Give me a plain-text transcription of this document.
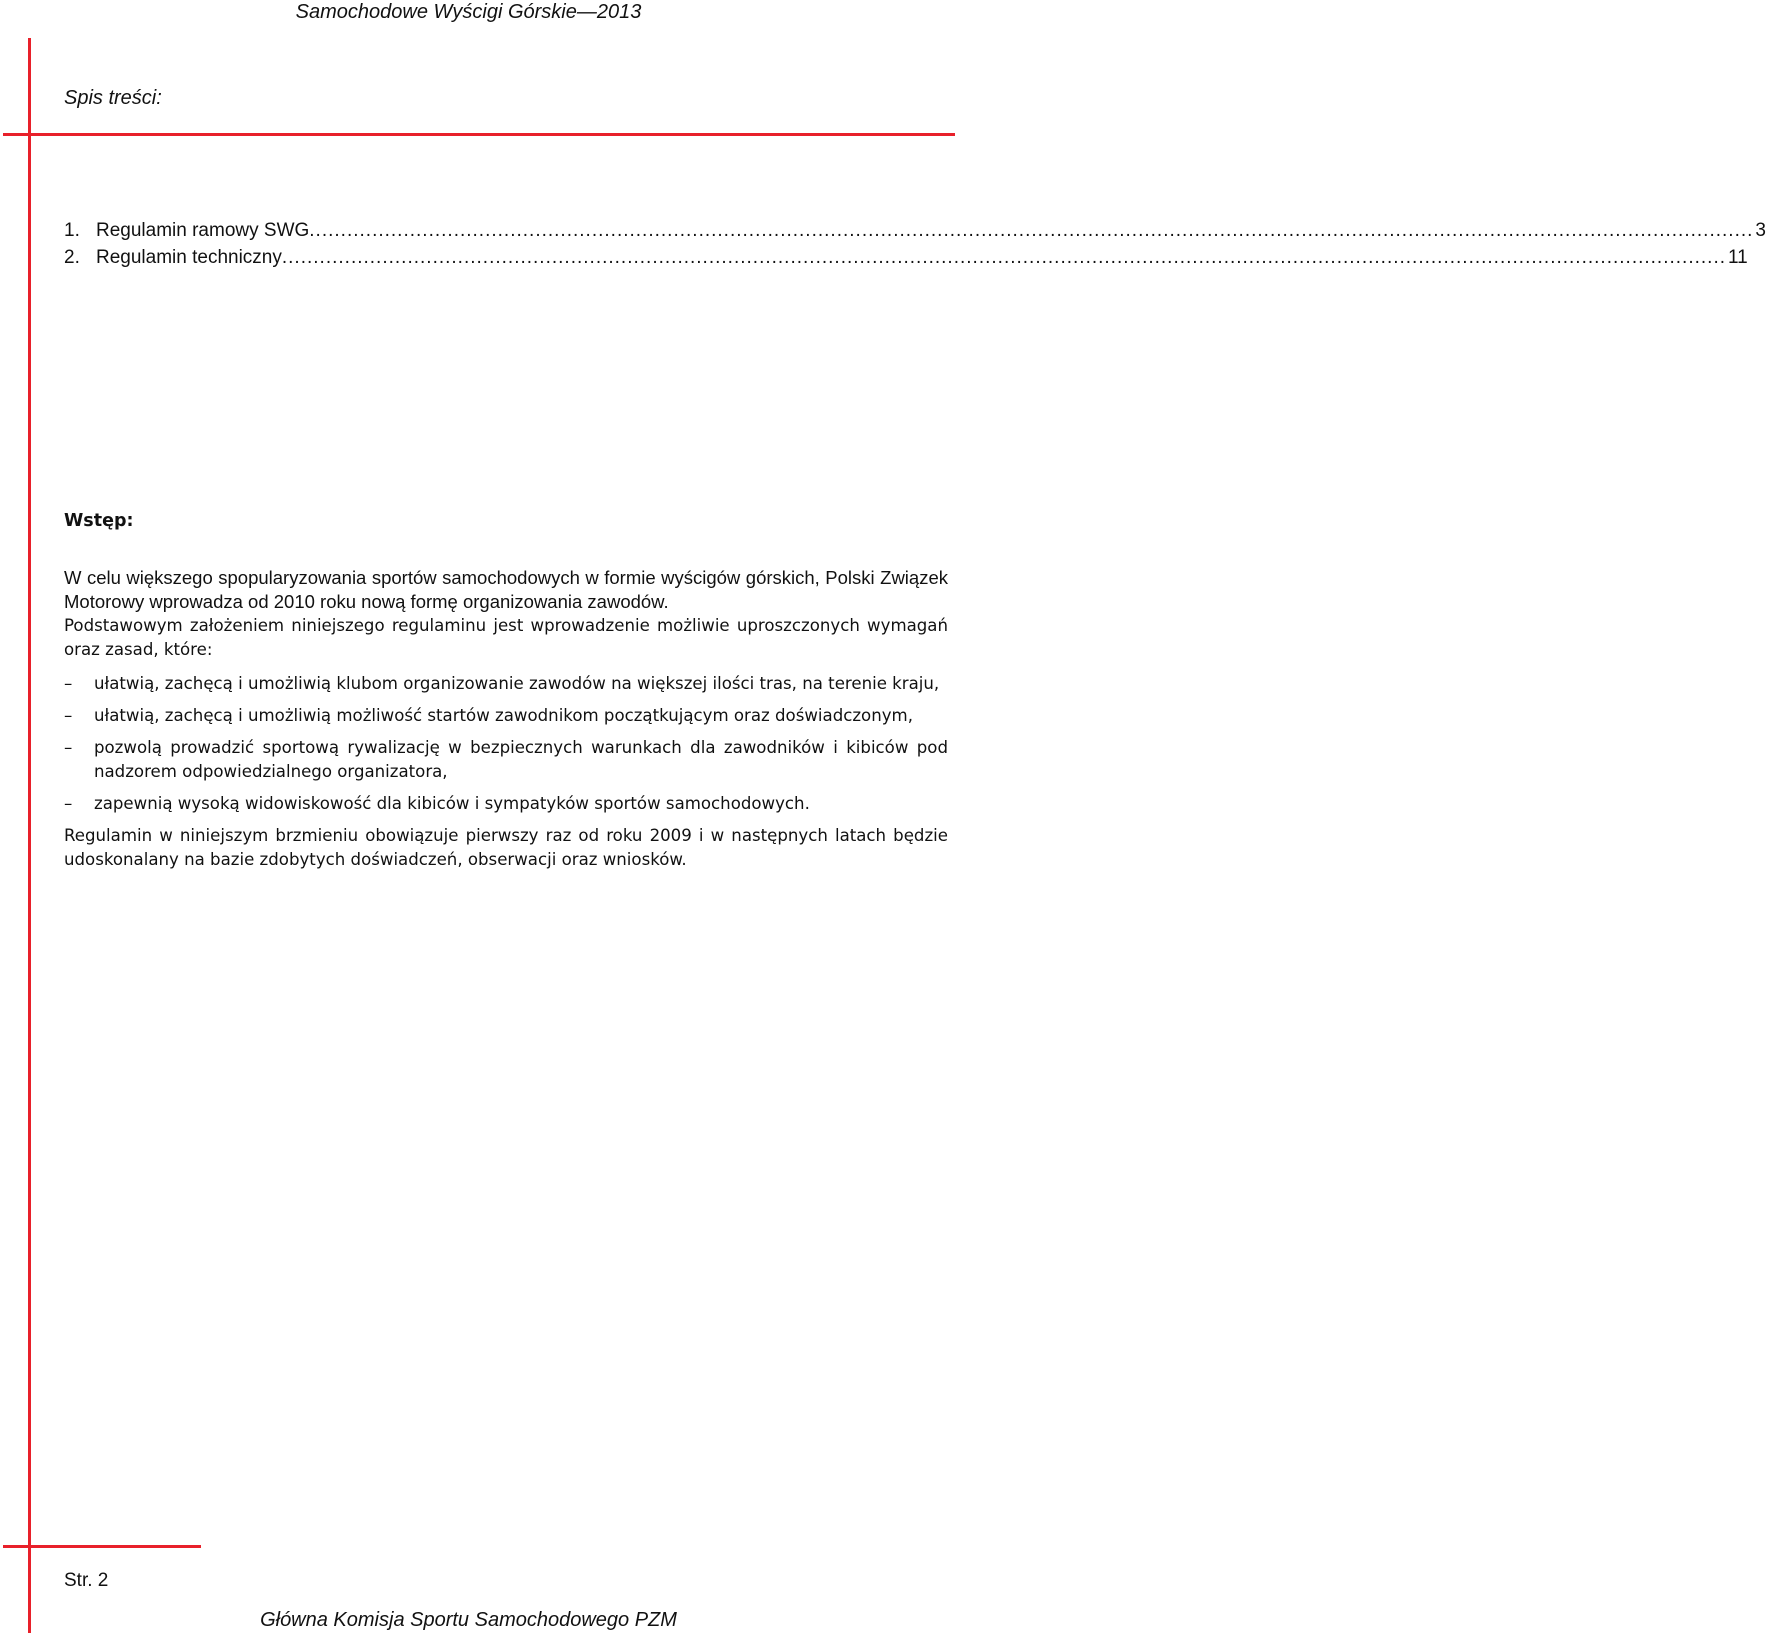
Samochodowe Wyścigi Górskie—2013
Spis treści:
1. Regulamin ramowy SWG ...................................................................................................................................................................................................................................... 3
2. Regulamin techniczny ...................................................................................................................................................................................................................................... 11
Wstęp:

W celu większego spopularyzowania sportów samochodowych w formie wyścigów górskich, Polski Związek Motorowy wprowadza od 2010 roku nową formę organizowania zawodów.

Podstawowym założeniem niniejszego regulaminu jest wprowadzenie możliwie uproszczonych wymagań oraz zasad, które:

– ułatwią, zachęcą i umożliwią klubom organizowanie zawodów na większej ilości tras, na terenie kraju,
– ułatwią, zachęcą i umożliwią możliwość startów zawodnikom początkującym oraz doświadczonym,
– pozwolą prowadzić sportową rywalizację w bezpiecznych warunkach dla zawodników i kibiców pod nadzorem odpowiedzialnego organizatora,
– zapewnią wysoką widowiskowość dla kibiców i sympatyków sportów samochodowych.

Regulamin w niniejszym brzmieniu obowiązuje pierwszy raz od roku 2009 i w następnych latach będzie udoskonalany na bazie zdobytych doświadczeń, obserwacji oraz wniosków.

Str. 2
Główna Komisja Sportu Samochodowego PZM
